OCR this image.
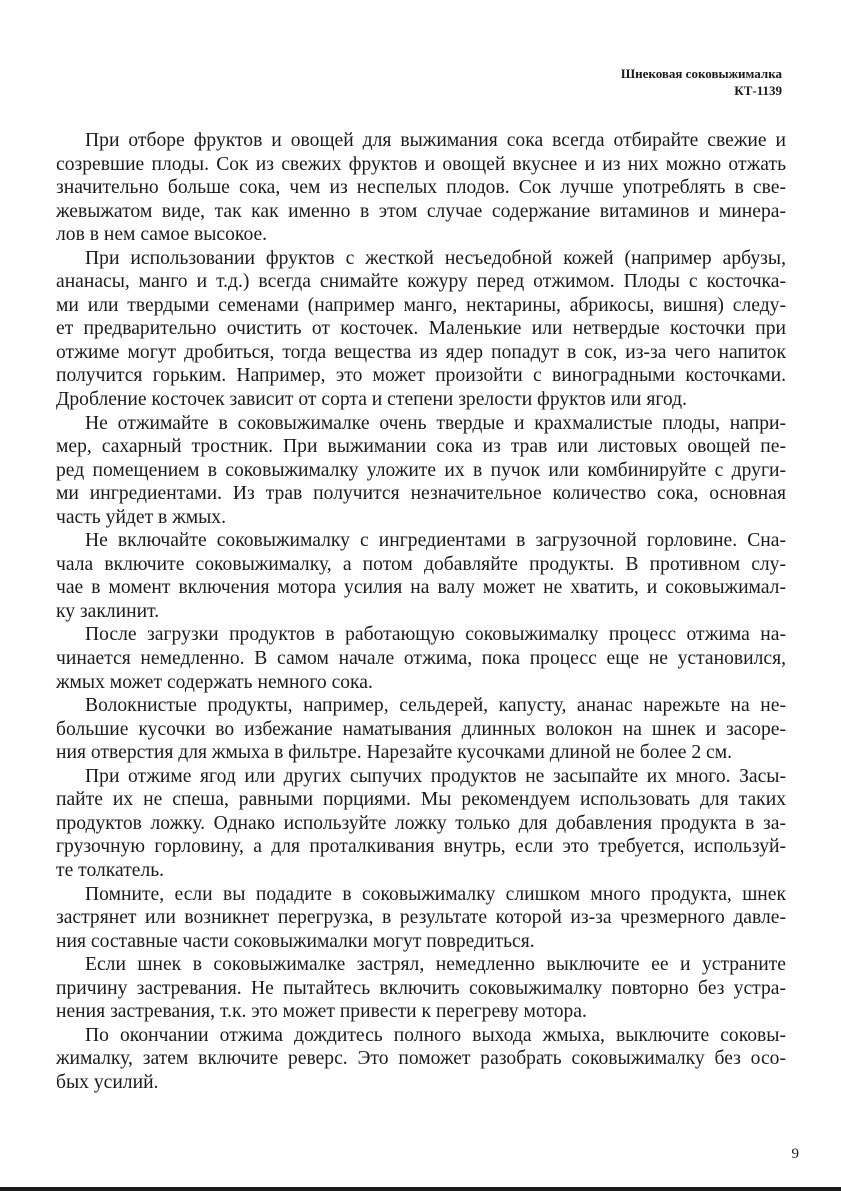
Шнековая соковыжималка
КТ-1139
При отборе фруктов и овощей для выжимания сока всегда отбирайте свежие и
созревшие плоды. Сок из свежих фруктов и овощей вкуснее и из них можно отжать
значительно больше сока, чем из неспелых плодов. Сок лучше употреблять в све-
жевыжатом виде, так как именно в этом случае содержание витаминов и минера-
лов в нем самое высокое.
При использовании фруктов с жесткой несъедобной кожей (например арбузы,
ананасы, манго и т.д.) всегда снимайте кожуру перед отжимом. Плоды с косточка-
ми или твердыми семенами (например манго, нектарины, абрикосы, вишня) следу-
ет предварительно очистить от косточек. Маленькие или нетвердые косточки при
отжиме могут дробиться, тогда вещества из ядер попадут в сок, из-за чего напиток
получится горьким. Например, это может произойти с виноградными косточками.
Дробление косточек зависит от сорта и степени зрелости фруктов или ягод.
Не отжимайте в соковыжималке очень твердые и крахмалистые плоды, напри-
мер, сахарный тростник. При выжимании сока из трав или листовых овощей пе-
ред помещением в соковыжималку уложите их в пучок или комбинируйте с други-
ми ингредиентами. Из трав получится незначительное количество сока, основная
часть уйдет в жмых.
Не включайте соковыжималку с ингредиентами в загрузочной горловине. Сна-
чала включите соковыжималку, а потом добавляйте продукты. В противном слу-
чае в момент включения мотора усилия на валу может не хватить, и соковыжимал-
ку заклинит.
После загрузки продуктов в работающую соковыжималку процесс отжима на-
чинается немедленно. В самом начале отжима, пока процесс еще не установился,
жмых может содержать немного сока.
Волокнистые продукты, например, сельдерей, капусту, ананас нарежьте на не-
большие кусочки во избежание наматывания длинных волокон на шнек и засоре-
ния отверстия для жмыха в фильтре. Нарезайте кусочками длиной не более 2 см.
При отжиме ягод или других сыпучих продуктов не засыпайте их много. Засы-
пайте их не спеша, равными порциями. Мы рекомендуем использовать для таких
продуктов ложку. Однако используйте ложку только для добавления продукта в за-
грузочную горловину, а для проталкивания внутрь, если это требуется, используй-
те толкатель.
Помните, если вы подадите в соковыжималку слишком много продукта, шнек
застрянет или возникнет перегрузка, в результате которой из-за чрезмерного давле-
ния составные части соковыжималки могут повредиться.
Если шнек в соковыжималке застрял, немедленно выключите ее и устраните
причину застревания. Не пытайтесь включить соковыжималку повторно без устра-
нения застревания, т.к. это может привести к перегреву мотора.
По окончании отжима дождитесь полного выхода жмыха, выключите соковы-
жималку, затем включите реверс. Это поможет разобрать соковыжималку без осо-
бых усилий.
9
